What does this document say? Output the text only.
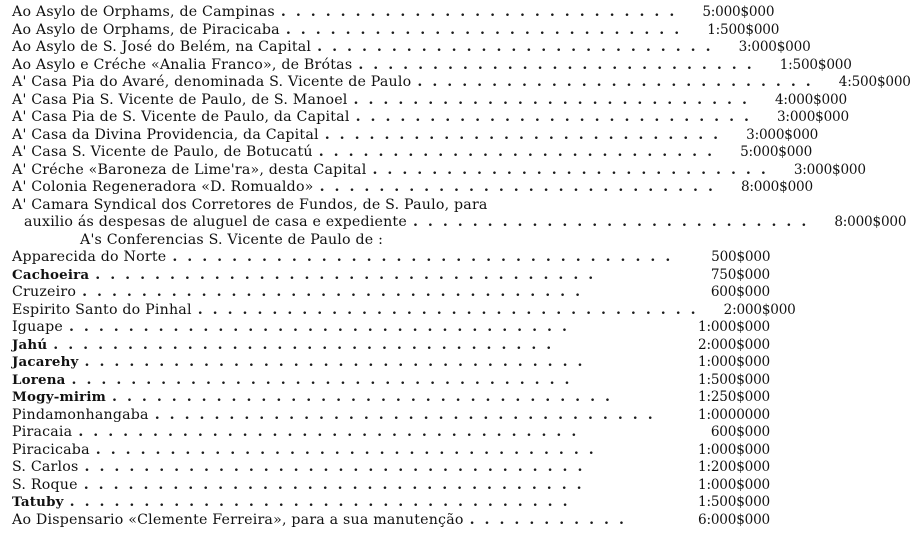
Ao Asylo de Orphams, de Campinas ...........................	5:000$000
Ao Asylo de Orphams, de Piracicaba ...........................	1:500$000
Ao Asylo de S. José do Belém, na Capital ...........................	3:000$000
Ao Asylo e Créche «Analia Franco», de Brótas ...........................	1:500$000
A' Casa Pia do Avaré, denominada S. Vicente de Paulo ...........................	4:500$000
A' Casa Pia S. Vicente de Paulo, de S. Manoel ...........................	4:000$000
A' Casa Pia de S. Vicente de Paulo, da Capital ...........................	3:000$000
A' Casa da Divina Providencia, da Capital ...........................	3:000$000
A' Casa S. Vicente de Paulo, de Botucatú ...........................	5:000$000
A' Créche «Baroneza de Lime'ra», desta Capital ...........................	3:000$000
A' Colonia Regeneradora «D. Romualdo» ...........................	8:000$000
A' Camara Syndical dos Corretores de Fundos, de S. Paulo, para
auxilio ás despesas de aluguel de casa e expediente ...........................	8:000$000
A's Conferencias S. Vicente de Paulo de :
Apparecida do Norte ..................................	500$000
Cachoeira ..................................	750$000
Cruzeiro ..................................	600$000
Espirito Santo do Pinhal ..................................	2:000$000
Iguape ..................................	1:000$000
Jahú ..................................	2:000$000
Jacarehy ..................................	1:000$000
Lorena ..................................	1:500$000
Mogy-mirim ..................................	1:250$000
Pindamonhangaba ..................................	1:0000000
Piracaia ..................................	600$000
Piracicaba ..................................	1:000$000
S. Carlos ..................................	1:200$000
S. Roque ..................................	1:000$000
Tatuby ..................................	1:500$000
Ao Dispensario «Clemente Ferreira», para a sua manutenção ...........	6:000$000
